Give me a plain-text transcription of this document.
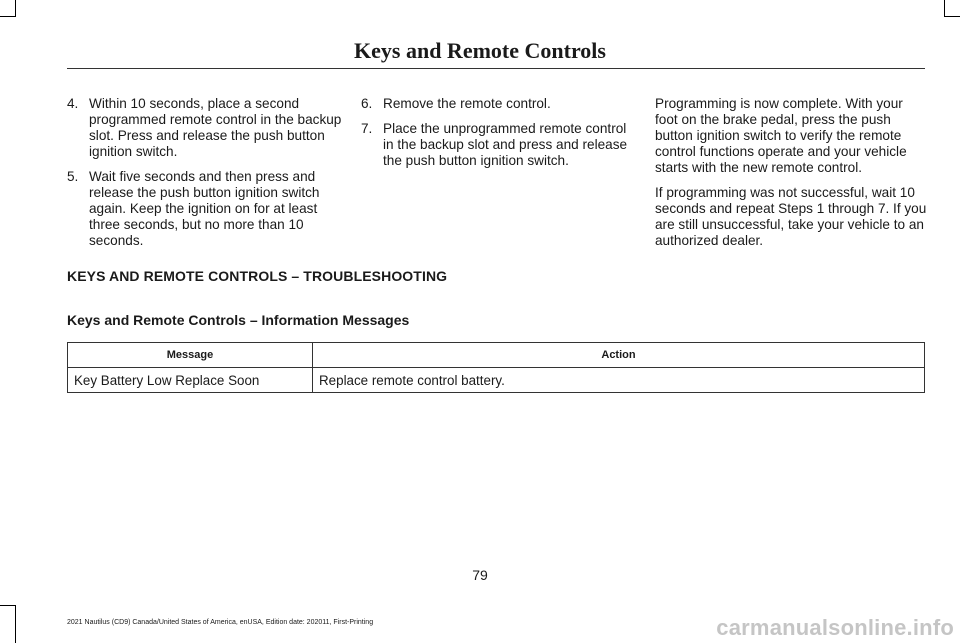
Keys and Remote Controls
4. Within 10 seconds, place a second programmed remote control in the backup slot. Press and release the push button ignition switch.
5. Wait five seconds and then press and release the push button ignition switch again. Keep the ignition on for at least three seconds, but no more than 10 seconds.
6. Remove the remote control.
7. Place the unprogrammed remote control in the backup slot and press and release the push button ignition switch.

Programming is now complete. With your foot on the brake pedal, press the push button ignition switch to verify the remote control functions operate and your vehicle starts with the new remote control.

If programming was not successful, wait 10 seconds and repeat Steps 1 through 7. If you are still unsuccessful, take your vehicle to an authorized dealer.

KEYS AND REMOTE CONTROLS – TROUBLESHOOTING
Keys and Remote Controls – Information Messages
Message	Action
Key Battery Low Replace Soon	Replace remote control battery.
79
2021 Nautilus (CD9) Canada/United States of America, enUSA, Edition date: 202011, First-Printing	carmanualsonline.info
